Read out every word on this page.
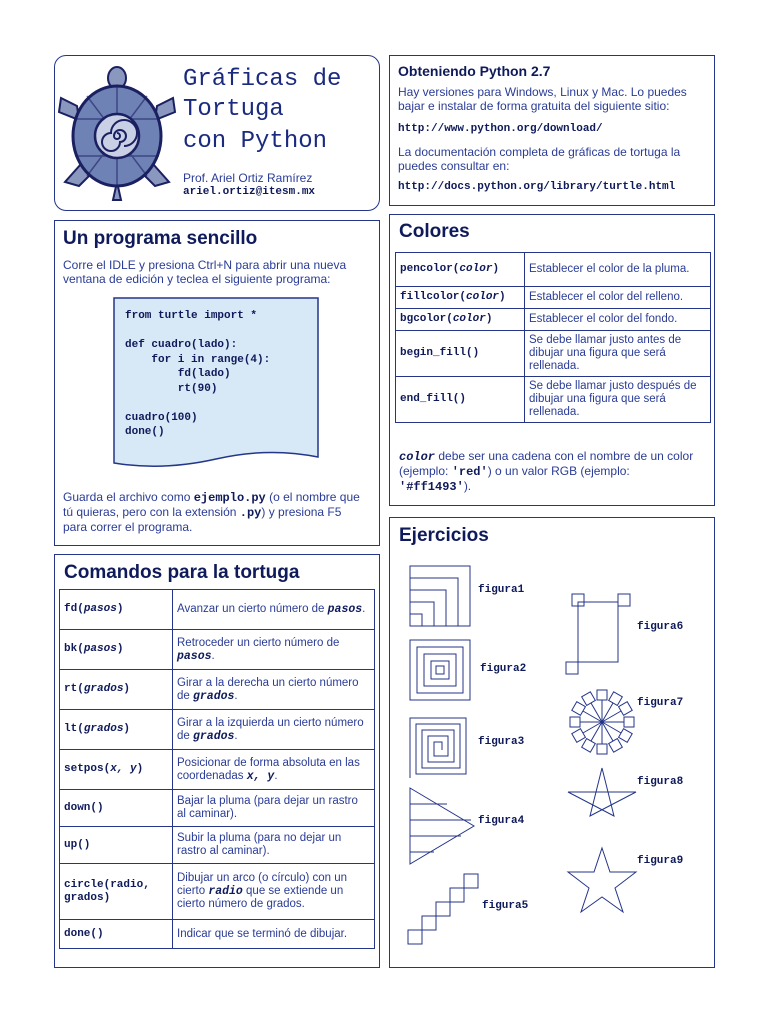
Gráficas de
Tortuga
con Python
Prof. Ariel Ortiz Ramírez
ariel.ortiz@itesm.mx
Obteniendo Python 2.7
Hay versiones para Windows, Linux y Mac. Lo puedes bajar e instalar de forma gratuita del siguiente sitio:
http://www.python.org/download/
La documentación completa de gráficas de tortuga la puedes consultar en:
http://docs.python.org/library/turtle.html
Un programa sencillo
Corre el IDLE y presiona Ctrl+N para abrir una nueva ventana de edición y teclea el siguiente programa:
from turtle import *

def cuadro(lado):
for i in range(4):
fd(lado)
rt(90)

cuadro(100)
done()
Guarda el archivo como ejemplo.py (o el nombre que tú quieras, pero con la extensión .py) y presiona F5 para correr el programa.
Colores
pencolor(color)	Establecer el color de la pluma.
fillcolor(color)	Establecer el color del relleno.
bgcolor(color)	Establecer el color del fondo.
begin_fill()	Se debe llamar justo antes de dibujar una figura que será rellenada.
end_fill()	Se debe llamar justo después de dibujar una figura que será rellenada.
color debe ser una cadena con el nombre de un color (ejemplo: 'red') o un valor RGB (ejemplo: '#ff1493').
Comandos para la tortuga
fd(pasos)	Avanzar un cierto número de pasos.
bk(pasos)	Retroceder un cierto número de pasos.
rt(grados)	Girar a la derecha un cierto número de grados.
lt(grados)	Girar a la izquierda un cierto número de grados.
setpos(x, y)	Posicionar de forma absoluta en las coordenadas x, y.
down()	Bajar la pluma (para dejar un rastro al caminar).
up()	Subir la pluma (para no dejar un rastro al caminar).
circle(radio, grados)	Dibujar un arco (o círculo) con un cierto radio que se extiende un cierto número de grados.
done()	Indicar que se terminó de dibujar.
Ejercicios
figura1
figura2
figura3
figura4
figura5
figura6
figura7
figura8
figura9
